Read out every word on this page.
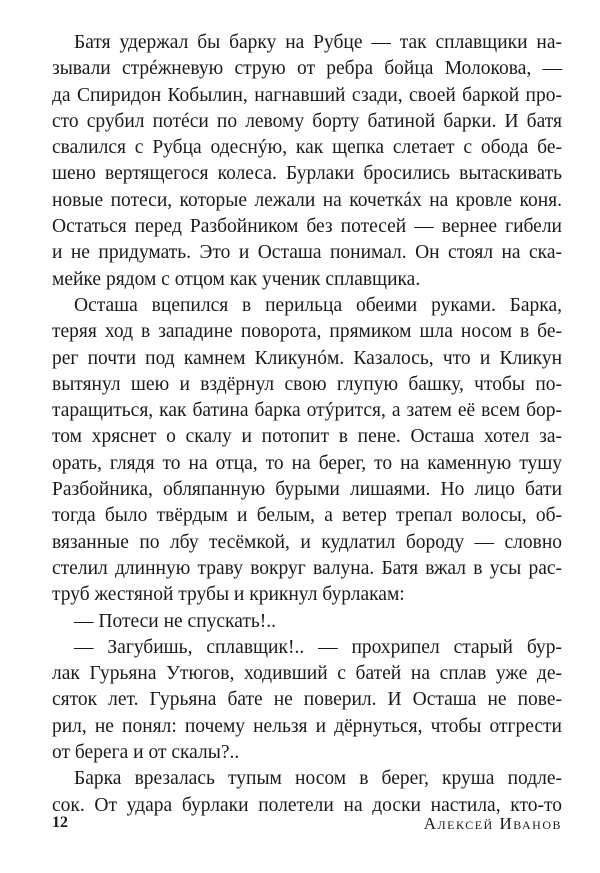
Батя удержал бы барку на Рубце — так сплавщики на-
зывали стрéжневую струю от ребра бойца Молокова, —
да Спиридон Кобылин, нагнавший сзади, своей баркой про-
сто срубил потéси по левому борту батиной барки. И батя
свалился с Рубца одеснýю, как щепка слетает с обода бе-
шено вертящегося колеса. Бурлаки бросились вытаскивать
новые потеси, которые лежали на кочеткáх на кровле коня.
Остаться перед Разбойником без потесей — вернее гибели
и не придумать. Это и Осташа понимал. Он стоял на ска-
мейке рядом с отцом как ученик сплавщика.
Осташа вцепился в перильца обеими руками. Барка,
теряя ход в западине поворота, прямиком шла носом в бе-
рег почти под камнем Кликунóм. Казалось, что и Кликун
вытянул шею и вздёрнул свою глупую башку, чтобы по-
таращиться, как батина барка отýрится, а затем её всем бор-
том хряснет о скалу и потопит в пене. Осташа хотел за-
орать, глядя то на отца, то на берег, то на каменную тушу
Разбойника, обляпанную бурыми лишаями. Но лицо бати
тогда было твёрдым и белым, а ветер трепал волосы, об-
вязанные по лбу тесёмкой, и кудлатил бороду — словно
стелил длинную траву вокруг валуна. Батя вжал в усы рас-
труб жестяной трубы и крикнул бурлакам:
— Потеси не спускать!..
— Загубишь, сплавщик!.. — прохрипел старый бур-
лак Гурьяна Утюгов, ходивший с батей на сплав уже де-
сяток лет. Гурьяна бате не поверил. И Осташа не пове-
рил, не понял: почему нельзя и дёрнуться, чтобы отгрести
от берега и от скалы?..
Барка врезалась тупым носом в берег, круша подле-
сок. От удара бурлаки полетели на доски настила, кто-то
12	Алексей Иванов
